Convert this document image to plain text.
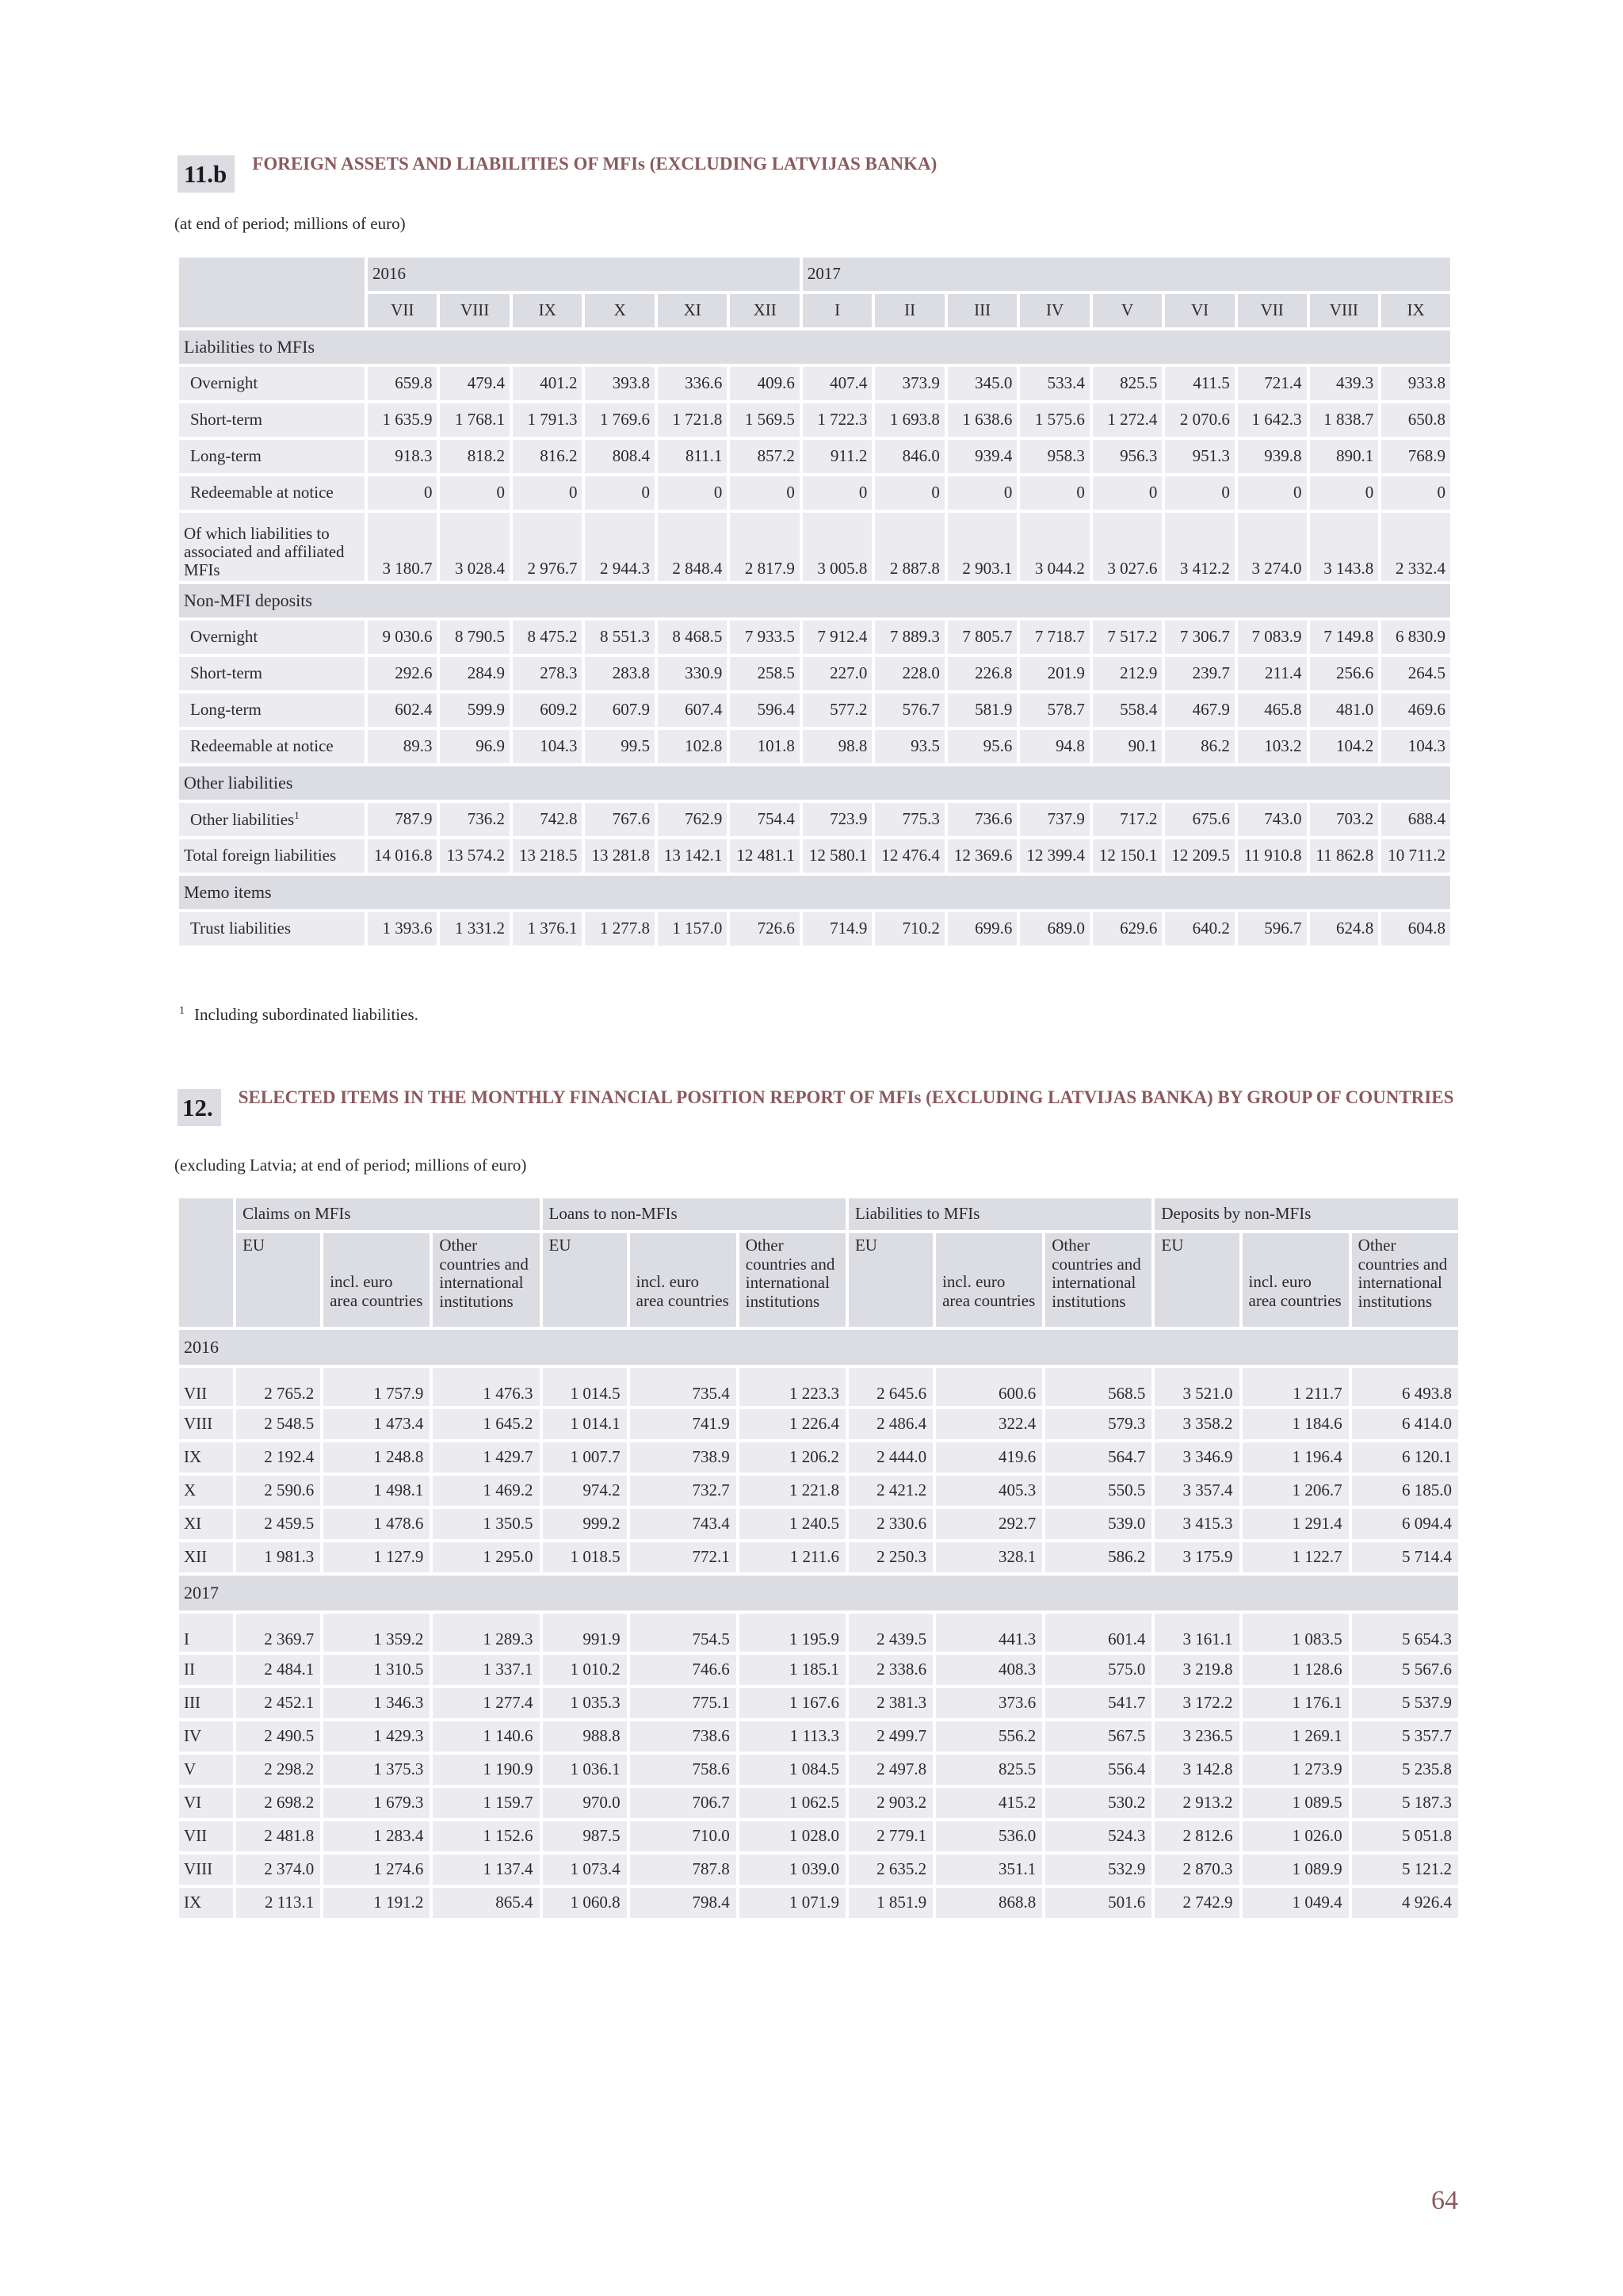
11.b	FOREIGN ASSETS AND LIABILITIES OF MFIs (EXCLUDING LATVIJAS BANKA)
(at end of period; millions of euro)
	2016						2017								
	VII	VIII	IX	X	XI	XII	I	II	III	IV	V	VI	VII	VIII	IX
Liabilities to MFIs															
Overnight	659.8	479.4	401.2	393.8	336.6	409.6	407.4	373.9	345.0	533.4	825.5	411.5	721.4	439.3	933.8
Short-term	1 635.9	1 768.1	1 791.3	1 769.6	1 721.8	1 569.5	1 722.3	1 693.8	1 638.6	1 575.6	1 272.4	2 070.6	1 642.3	1 838.7	650.8
Long-term	918.3	818.2	816.2	808.4	811.1	857.2	911.2	846.0	939.4	958.3	956.3	951.3	939.8	890.1	768.9
Redeemable at notice	0	0	0	0	0	0	0	0	0	0	0	0	0	0	0
Of which liabilities to associated and affiliated MFIs	3 180.7	3 028.4	2 976.7	2 944.3	2 848.4	2 817.9	3 005.8	2 887.8	2 903.1	3 044.2	3 027.6	3 412.2	3 274.0	3 143.8	2 332.4
Non-MFI deposits															
Overnight	9 030.6	8 790.5	8 475.2	8 551.3	8 468.5	7 933.5	7 912.4	7 889.3	7 805.7	7 718.7	7 517.2	7 306.7	7 083.9	7 149.8	6 830.9
Short-term	292.6	284.9	278.3	283.8	330.9	258.5	227.0	228.0	226.8	201.9	212.9	239.7	211.4	256.6	264.5
Long-term	602.4	599.9	609.2	607.9	607.4	596.4	577.2	576.7	581.9	578.7	558.4	467.9	465.8	481.0	469.6
Redeemable at notice	89.3	96.9	104.3	99.5	102.8	101.8	98.8	93.5	95.6	94.8	90.1	86.2	103.2	104.2	104.3
Other liabilities															
Other liabilities$^1$	787.9	736.2	742.8	767.6	762.9	754.4	723.9	775.3	736.6	737.9	717.2	675.6	743.0	703.2	688.4
Total foreign liabilities	14 016.8	13 574.2	13 218.5	13 281.8	13 142.1	12 481.1	12 580.1	12 476.4	12 369.6	12 399.4	12 150.1	12 209.5	11 910.8	11 862.8	10 711.2
Memo items															
Trust liabilities	1 393.6	1 331.2	1 376.1	1 277.8	1 157.0	726.6	714.9	710.2	699.6	689.0	629.6	640.2	596.7	624.8	604.8
$^1$ Including subordinated liabilities.
12.	SELECTED ITEMS IN THE MONTHLY FINANCIAL POSITION REPORT OF MFIs (EXCLUDING LATVIJAS BANKA) BY GROUP OF COUNTRIES
(excluding Latvia; at end of period; millions of euro)
	Claims on MFIs			Loans to non-MFIs			Liabilities to MFIs			Deposits by non-MFIs		
	EU	incl. euro area countries	Other countries and international institutions	EU	incl. euro area countries	Other countries and international institutions	EU	incl. euro area countries	Other countries and international institutions	EU	incl. euro area countries	Other countries and international institutions
2016												
VII	2 765.2	1 757.9	1 476.3	1 014.5	735.4	1 223.3	2 645.6	600.6	568.5	3 521.0	1 211.7	6 493.8
VIII	2 548.5	1 473.4	1 645.2	1 014.1	741.9	1 226.4	2 486.4	322.4	579.3	3 358.2	1 184.6	6 414.0
IX	2 192.4	1 248.8	1 429.7	1 007.7	738.9	1 206.2	2 444.0	419.6	564.7	3 346.9	1 196.4	6 120.1
X	2 590.6	1 498.1	1 469.2	974.2	732.7	1 221.8	2 421.2	405.3	550.5	3 357.4	1 206.7	6 185.0
XI	2 459.5	1 478.6	1 350.5	999.2	743.4	1 240.5	2 330.6	292.7	539.0	3 415.3	1 291.4	6 094.4
XII	1 981.3	1 127.9	1 295.0	1 018.5	772.1	1 211.6	2 250.3	328.1	586.2	3 175.9	1 122.7	5 714.4
2017												
I	2 369.7	1 359.2	1 289.3	991.9	754.5	1 195.9	2 439.5	441.3	601.4	3 161.1	1 083.5	5 654.3
II	2 484.1	1 310.5	1 337.1	1 010.2	746.6	1 185.1	2 338.6	408.3	575.0	3 219.8	1 128.6	5 567.6
III	2 452.1	1 346.3	1 277.4	1 035.3	775.1	1 167.6	2 381.3	373.6	541.7	3 172.2	1 176.1	5 537.9
IV	2 490.5	1 429.3	1 140.6	988.8	738.6	1 113.3	2 499.7	556.2	567.5	3 236.5	1 269.1	5 357.7
V	2 298.2	1 375.3	1 190.9	1 036.1	758.6	1 084.5	2 497.8	825.5	556.4	3 142.8	1 273.9	5 235.8
VI	2 698.2	1 679.3	1 159.7	970.0	706.7	1 062.5	2 903.2	415.2	530.2	2 913.2	1 089.5	5 187.3
VII	2 481.8	1 283.4	1 152.6	987.5	710.0	1 028.0	2 779.1	536.0	524.3	2 812.6	1 026.0	5 051.8
VIII	2 374.0	1 274.6	1 137.4	1 073.4	787.8	1 039.0	2 635.2	351.1	532.9	2 870.3	1 089.9	5 121.2
IX	2 113.1	1 191.2	865.4	1 060.8	798.4	1 071.9	1 851.9	868.8	501.6	2 742.9	1 049.4	4 926.4
64
